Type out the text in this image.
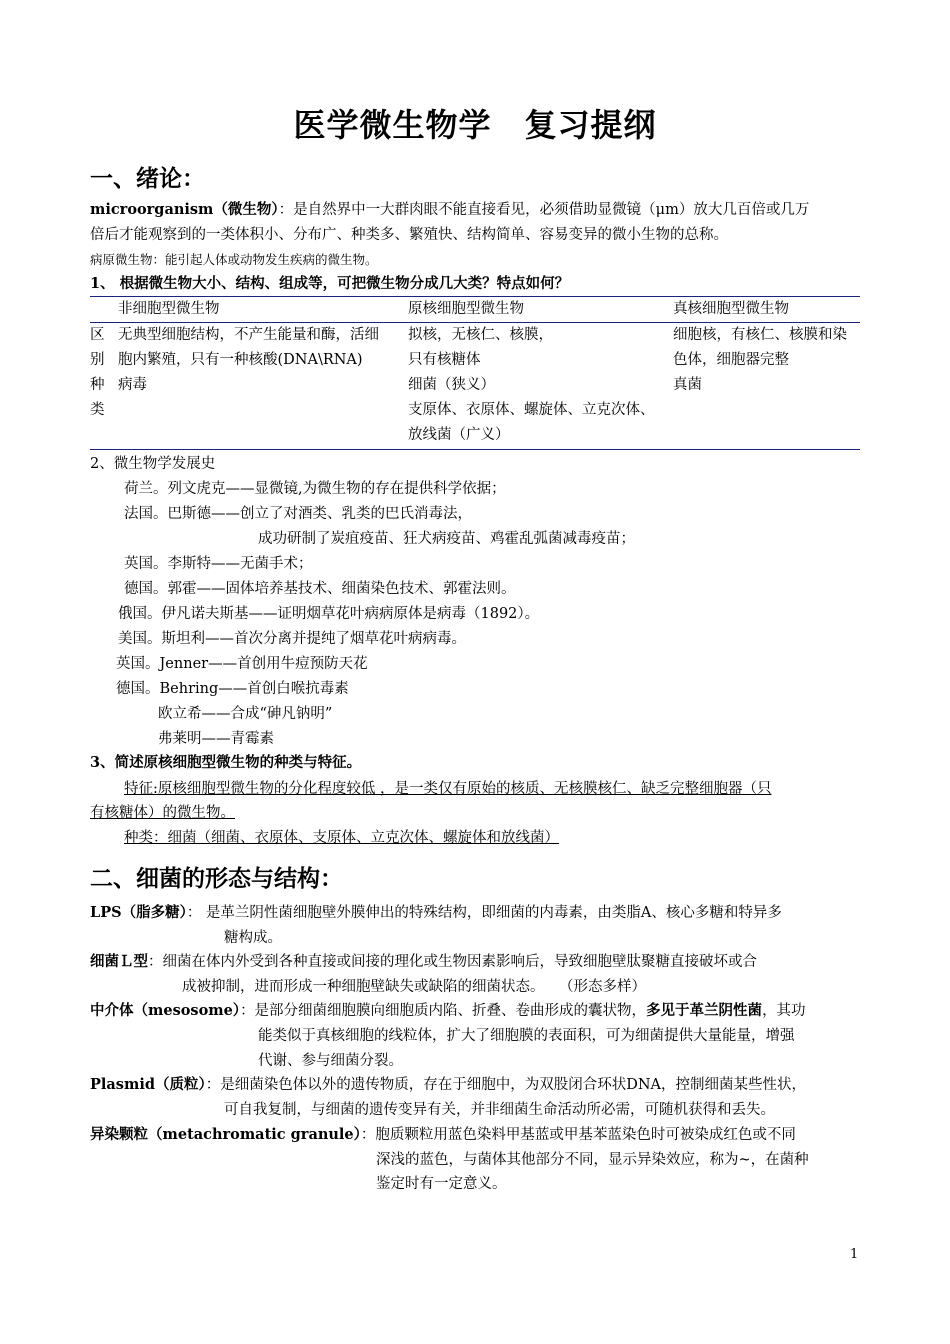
医学微生物学　复习提纲
一、绪论：
microorganism（微生物）：是自然界中一大群肉眼不能直接看见，必须借助显微镜（μm）放大几百倍或几万
倍后才能观察到的一类体积小、分布广、种类多、繁殖快、结构简单、容易变异的微小生物的总称。
病原微生物：能引起人体或动物发生疾病的微生物。
1、 根据微生物大小、结构、组成等，可把微生物分成几大类？特点如何？
非细胞型微生物	原核细胞型微生物	真核细胞型微生物
区
别
种
类
无典型细胞结构，不产生能量和酶，活细
胞内繁殖，只有一种核酸(DNA\RNA)
病毒
拟核，无核仁、核膜，
只有核糖体
细菌（狭义）
支原体、衣原体、螺旋体、立克次体、
放线菌（广义）
细胞核，有核仁、核膜和染
色体，细胞器完整
真菌
2、微生物学发展史
荷兰。列文虎克——显微镜,为微生物的存在提供科学依据；
法国。巴斯德——创立了对酒类、乳类的巴氏消毒法，
成功研制了炭疽疫苗、狂犬病疫苗、鸡霍乱弧菌减毒疫苗；
英国。李斯特——无菌手术；
德国。郭霍——固体培养基技术、细菌染色技术、郭霍法则。
俄国。伊凡诺夫斯基——证明烟草花叶病病原体是病毒（1892）。
美国。斯坦利——首次分离并提纯了烟草花叶病病毒。
英国。Jenner——首创用牛痘预防天花
德国。Behring——首创白喉抗毒素
欧立希——合成“砷凡钠明”
弗莱明——青霉素
3、简述原核细胞型微生物的种类与特征。
特征:原核细胞型微生物的分化程度较低 ，是一类仅有原始的核质、无核膜核仁、缺乏完整细胞器（只
有核糖体）的微生物。
种类：细菌（细菌、衣原体、支原体、立克次体、螺旋体和放线菌）
二、细菌的形态与结构：
LPS（脂多糖）： 是革兰阴性菌细胞壁外膜伸出的特殊结构，即细菌的内毒素，由类脂A、核心多糖和特异多
糖构成。
细菌Ｌ型：细菌在体内外受到各种直接或间接的理化或生物因素影响后，导致细胞壁肽聚糖直接破坏或合
成被抑制，进而形成一种细胞壁缺失或缺陷的细菌状态。　　（形态多样）
中介体（mesosome）：是部分细菌细胞膜向细胞质内陷、折叠、卷曲形成的囊状物，多见于革兰阴性菌，其功
能类似于真核细胞的线粒体，扩大了细胞膜的表面积，可为细菌提供大量能量，增强
代谢、参与细菌分裂。
Plasmid（质粒）：是细菌染色体以外的遗传物质，存在于细胞中，为双股闭合环状DNA，控制细菌某些性状，
可自我复制，与细菌的遗传变异有关，并非细菌生命活动所必需，可随机获得和丢失。
异染颗粒（metachromatic granule）：胞质颗粒用蓝色染料甲基蓝或甲基苯蓝染色时可被染成红色或不同
深浅的蓝色，与菌体其他部分不同，显示异染效应，称为~，在菌种
鉴定时有一定意义。
1
